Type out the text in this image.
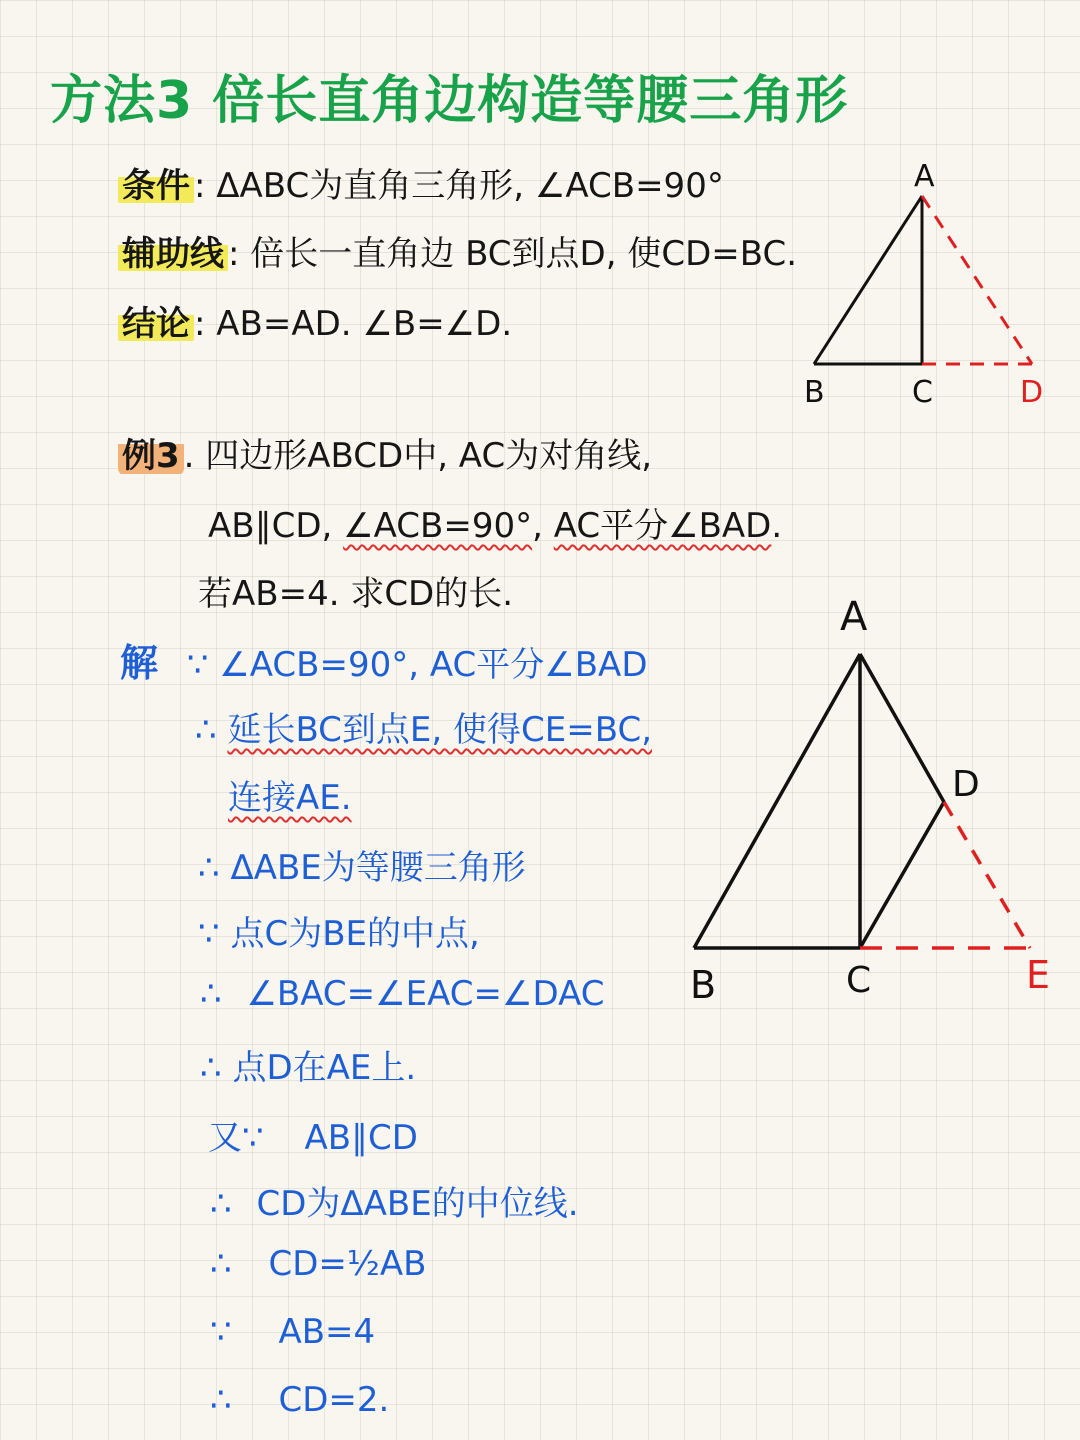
方法3 倍长直角边构造等腰三角形
条件 : ΔABC为直角三角形, ∠ACB=90°
辅助线 : 倍长一直角边 BC到点D, 使CD=BC.
结论 : AB=AD. ∠B=∠D.
例3 . 四边形ABCD中, AC为对角线,
AB∥CD, ∠ACB=90°, AC平分∠BAD.
若AB=4. 求CD的长.
解 ∵ ∠ACB=90°, AC平分∠BAD
∴ 延长BC到点E, 使得CE=BC,
连接AE.
∴ ΔABE为等腰三角形
∵ 点C为BE的中点,
∴ ∠BAC=∠EAC=∠DAC
∴ 点D在AE上.
又∵ AB∥CD
∴ CD为ΔABE的中位线.
∴ CD=½AB
∵ AB=4
∴ CD=2.
A
B	C	D
A
B	C
D
E
